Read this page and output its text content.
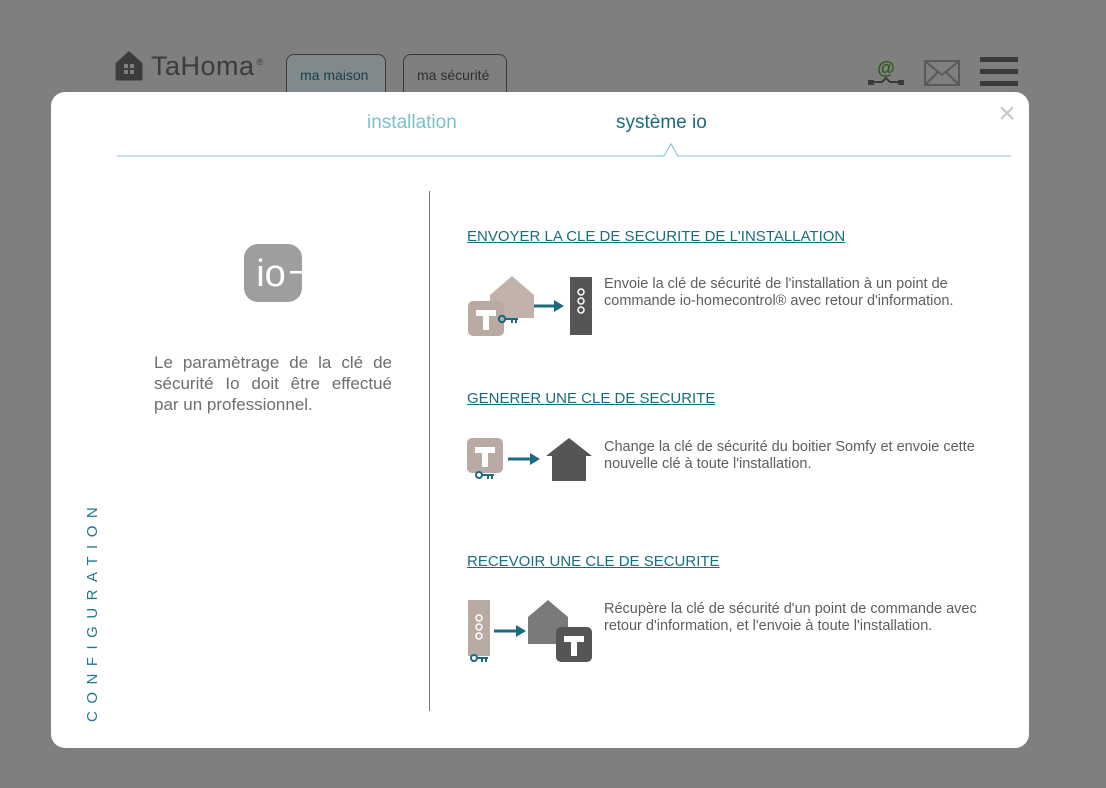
TaHoma ®
ma maison	ma sécurité	@
×
installation	système io
CONFIGURATION
io
Le paramètrage de la clé de sécurité Io doit être effectué par un professionnel.
ENVOYER LA CLE DE SECURITE DE L'INSTALLATION
Envoie la clé de sécurité de l'installation à un point de commande io-homecontrol® avec retour d'information.
GENERER UNE CLE DE SECURITE
Change la clé de sécurité du boitier Somfy et envoie cette nouvelle clé à toute l'installation.
RECEVOIR UNE CLE DE SECURITE
Récupère la clé de sécurité d'un point de commande avec retour d'information, et l'envoie à toute l'installation.
